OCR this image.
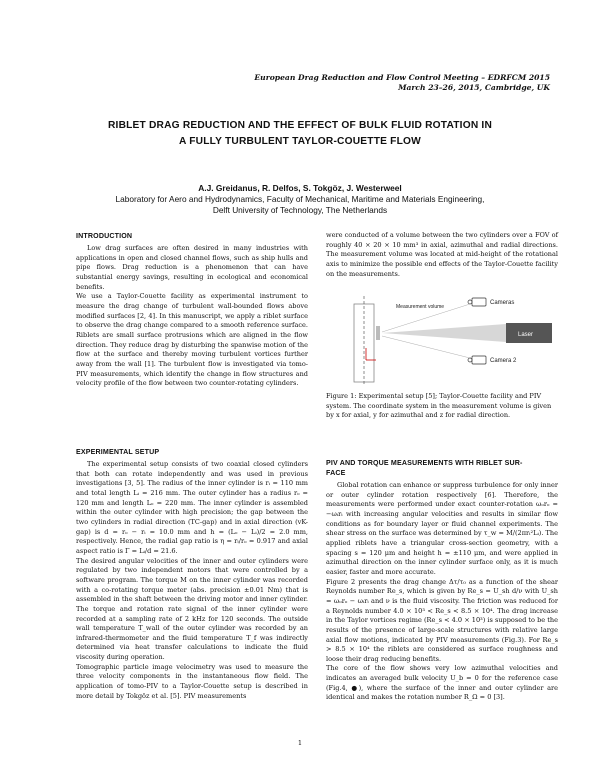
European Drag Reduction and Flow Control Meeting – EDRFCM 2015
March 23–26, 2015, Cambridge, UK
RIBLET DRAG REDUCTION AND THE EFFECT OF BULK FLUID ROTATION IN
A FULLY TURBULENT TAYLOR-COUETTE FLOW
A.J. Greidanus, R. Delfos, S. Tokgöz, J. Westerweel
Laboratory for Aero and Hydrodynamics, Faculty of Mechanical, Maritime and Materials Engineering,
Delft University of Technology, The Netherlands
INTRODUCTION

Low drag surfaces are often desired in many industries with applications in open and closed channel flows, such as ship hulls and pipe flows. Drag reduction is a phenomenon that can have substantial energy savings, resulting in ecological and economical benefits.

We use a Taylor-Couette facility as experimental instrument to measure the drag change of turbulent wall-bounded flows above modified surfaces [2, 4]. In this manuscript, we apply a riblet surface to observe the drag change compared to a smooth reference surface. Riblets are small surface protrusions which are aligned in the flow direction. They reduce drag by disturbing the spanwise motion of the flow at the surface and thereby moving turbulent vortices further away from the wall [1]. The turbulent flow is investigated via tomo-PIV measurements, which identify the change in flow structures and velocity profile of the flow between two counter-rotating cylinders.

EXPERIMENTAL SETUP

The experimental setup consists of two coaxial closed cylinders that both can rotate independently and was used in previous investigations [3, 5]. The radius of the inner cylinder is rᵢ = 110 mm and total length Lᵢ = 216 mm. The outer cylinder has a radius rₒ = 120 mm and length Lₒ = 220 mm. The inner cylinder is assembled within the outer cylinder with high precision; the gap between the two cylinders in radial direction (TC-gap) and in axial direction (vK-gap) is d = rₒ − rᵢ = 10.0 mm and h = (Lₒ − Lᵢ)/2 = 2.0 mm, respectively. Hence, the radial gap ratio is η = rᵢ/rₒ = 0.917 and axial aspect ratio is Γ = Lᵢ/d = 21.6.

The desired angular velocities of the inner and outer cylinders were regulated by two independent motors that were controlled by a software program. The torque M on the inner cylinder was recorded with a co-rotating torque meter (abs. precision ±0.01 Nm) that is assembled in the shaft between the driving motor and inner cylinder. The torque and rotation rate signal of the inner cylinder were recorded at a sampling rate of 2 kHz for 120 seconds. The outside wall temperature T_wall of the outer cylinder was recorded by an infrared-thermometer and the fluid temperature T_f was indirectly determined via heat transfer calculations to indicate the fluid viscosity during operation.

Tomographic particle image velocimetry was used to measure the three velocity components in the instantaneous flow field. The application of tomo-PIV to a Taylor-Couette setup is described in more detail by Tokgöz et al. [5]. PIV measurements

were conducted of a volume between the two cylinders over a FOV of roughly 40 × 20 × 10 mm³ in axial, azimuthal and radial directions. The measurement volume was located at mid-height of the rotational axis to minimize the possible end effects of the Taylor-Couette facility on the measurements.

Laser
Cameras
Measurement volume
Camera 2

Figure 1: Experimental setup [5]; Taylor-Couette facility and PIV system. The coordinate system in the measurement volume is given by x for axial, y for azimuthal and z for radial direction.

PIV AND TORQUE MEASUREMENTS WITH RIBLET SUR-
FACE

Global rotation can enhance or suppress turbulence for only inner or outer cylinder rotation respectively [6]. Therefore, the measurements were performed under exact counter-rotation ωₒrₒ = −ωᵢrᵢ with increasing angular velocities and results in similar flow conditions as for boundary layer or fluid channel experiments. The shear stress on the surface was determined by τ_w = M/(2πrᵢ²Lᵢ). The applied riblets have a triangular cross-section geometry, with a spacing s = 120 μm and height h = ±110 μm, and were applied in azimuthal direction on the inner cylinder surface only, as it is much easier, faster and more accurate.

Figure 2 presents the drag change Δτ/τ₀ as a function of the shear Reynolds number Re_s, which is given by Re_s = U_sh d/ν with U_sh = ωₒrₒ − ωᵢrᵢ and ν is the fluid viscosity. The friction was reduced for a Reynolds number 4.0 × 10³ < Re_s < 8.5 × 10⁴. The drag increase in the Taylor vortices regime (Re_s < 4.0 × 10³) is supposed to be the results of the presence of large-scale structures with relative large axial flow motions, indicated by PIV measurements (Fig.3). For Re_s > 8.5 × 10⁴ the riblets are considered as surface roughness and loose their drag reducing benefits.

The core of the flow shows very low azimuthal velocities and indicates an averaged bulk velocity U_b = 0 for the reference case (Fig.4, ●), where the surface of the inner and outer cylinder are identical and makes the rotation number R_Ω = 0 [3].

1
